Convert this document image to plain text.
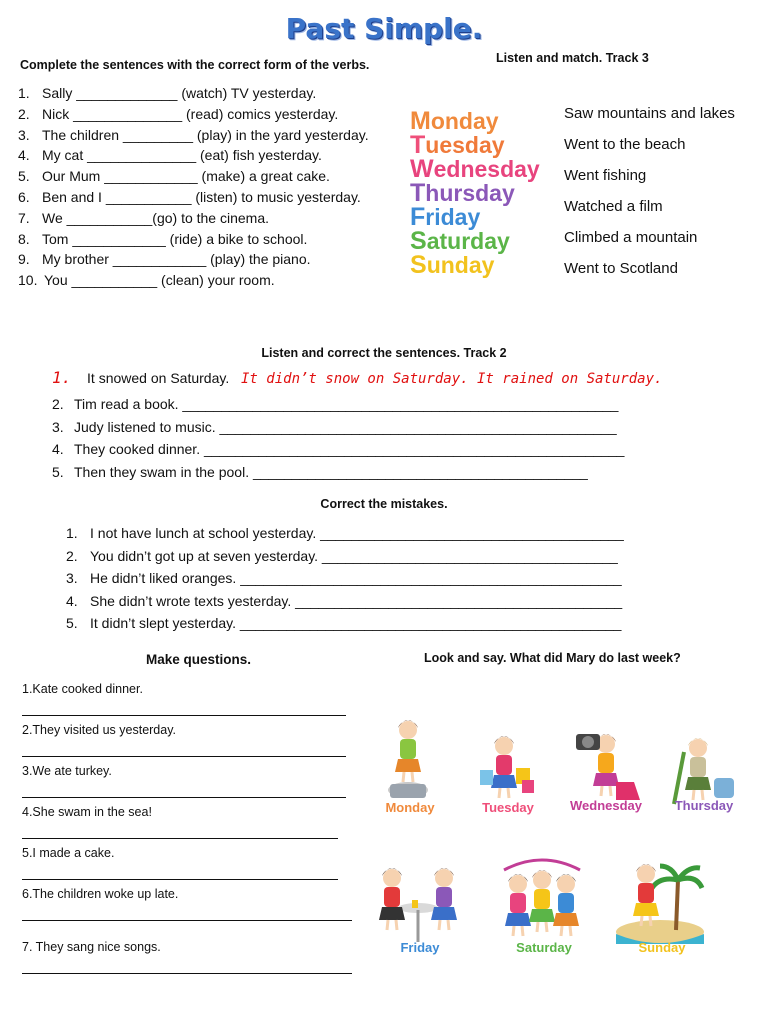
Past Simple.
Complete the sentences with the correct form of the verbs.
1. Sally _____________ (watch) TV yesterday.
2. Nick ______________ (read) comics yesterday.
3. The children _________ (play) in the yard yesterday.
4. My cat ______________ (eat) fish yesterday.
5. Our Mum ____________ (make) a great cake.
6. Ben and I ___________ (listen) to music yesterday.
7. We ___________(go) to the cinema.
8. Tom ____________ (ride) a bike to school.
9. My brother ____________ (play) the piano.
10. You ___________ (clean) your room.
Listen and match. Track 3
Monday
Tuesday
Wednesday
Thursday
Friday
Saturday
Sunday
Saw mountains and lakes
Went to the beach
Went fishing
Watched a film
Climbed a mountain
Went to Scotland
Listen and correct the sentences. Track 2
1. It snowed on Saturday. It didn’t snow on Saturday. It rained on Saturday.
2. Tim read a book. ________________________________________________________
3. Judy listened to music. ___________________________________________________
4. They cooked dinner. ______________________________________________________
5. Then they swam in the pool. ___________________________________________
Correct the mistakes.
1. I not have lunch at school yesterday. _______________________________________
2. You didn’t got up at seven yesterday. ______________________________________
3. He didn’t liked oranges. _________________________________________________
4. She didn’t wrote texts yesterday. __________________________________________
5. It didn’t slept yesterday. _________________________________________________
Make questions.
1.Kate cooked dinner.
2.They visited us yesterday.
3.We ate turkey.
4.She swam in the sea!
5.I made a cake.
6.The children woke up late.
7. They sang nice songs.
Look and say. What did Mary do last week?
Monday	Tuesday	Wednesday	Thursday
Friday	Saturday	Sunday
